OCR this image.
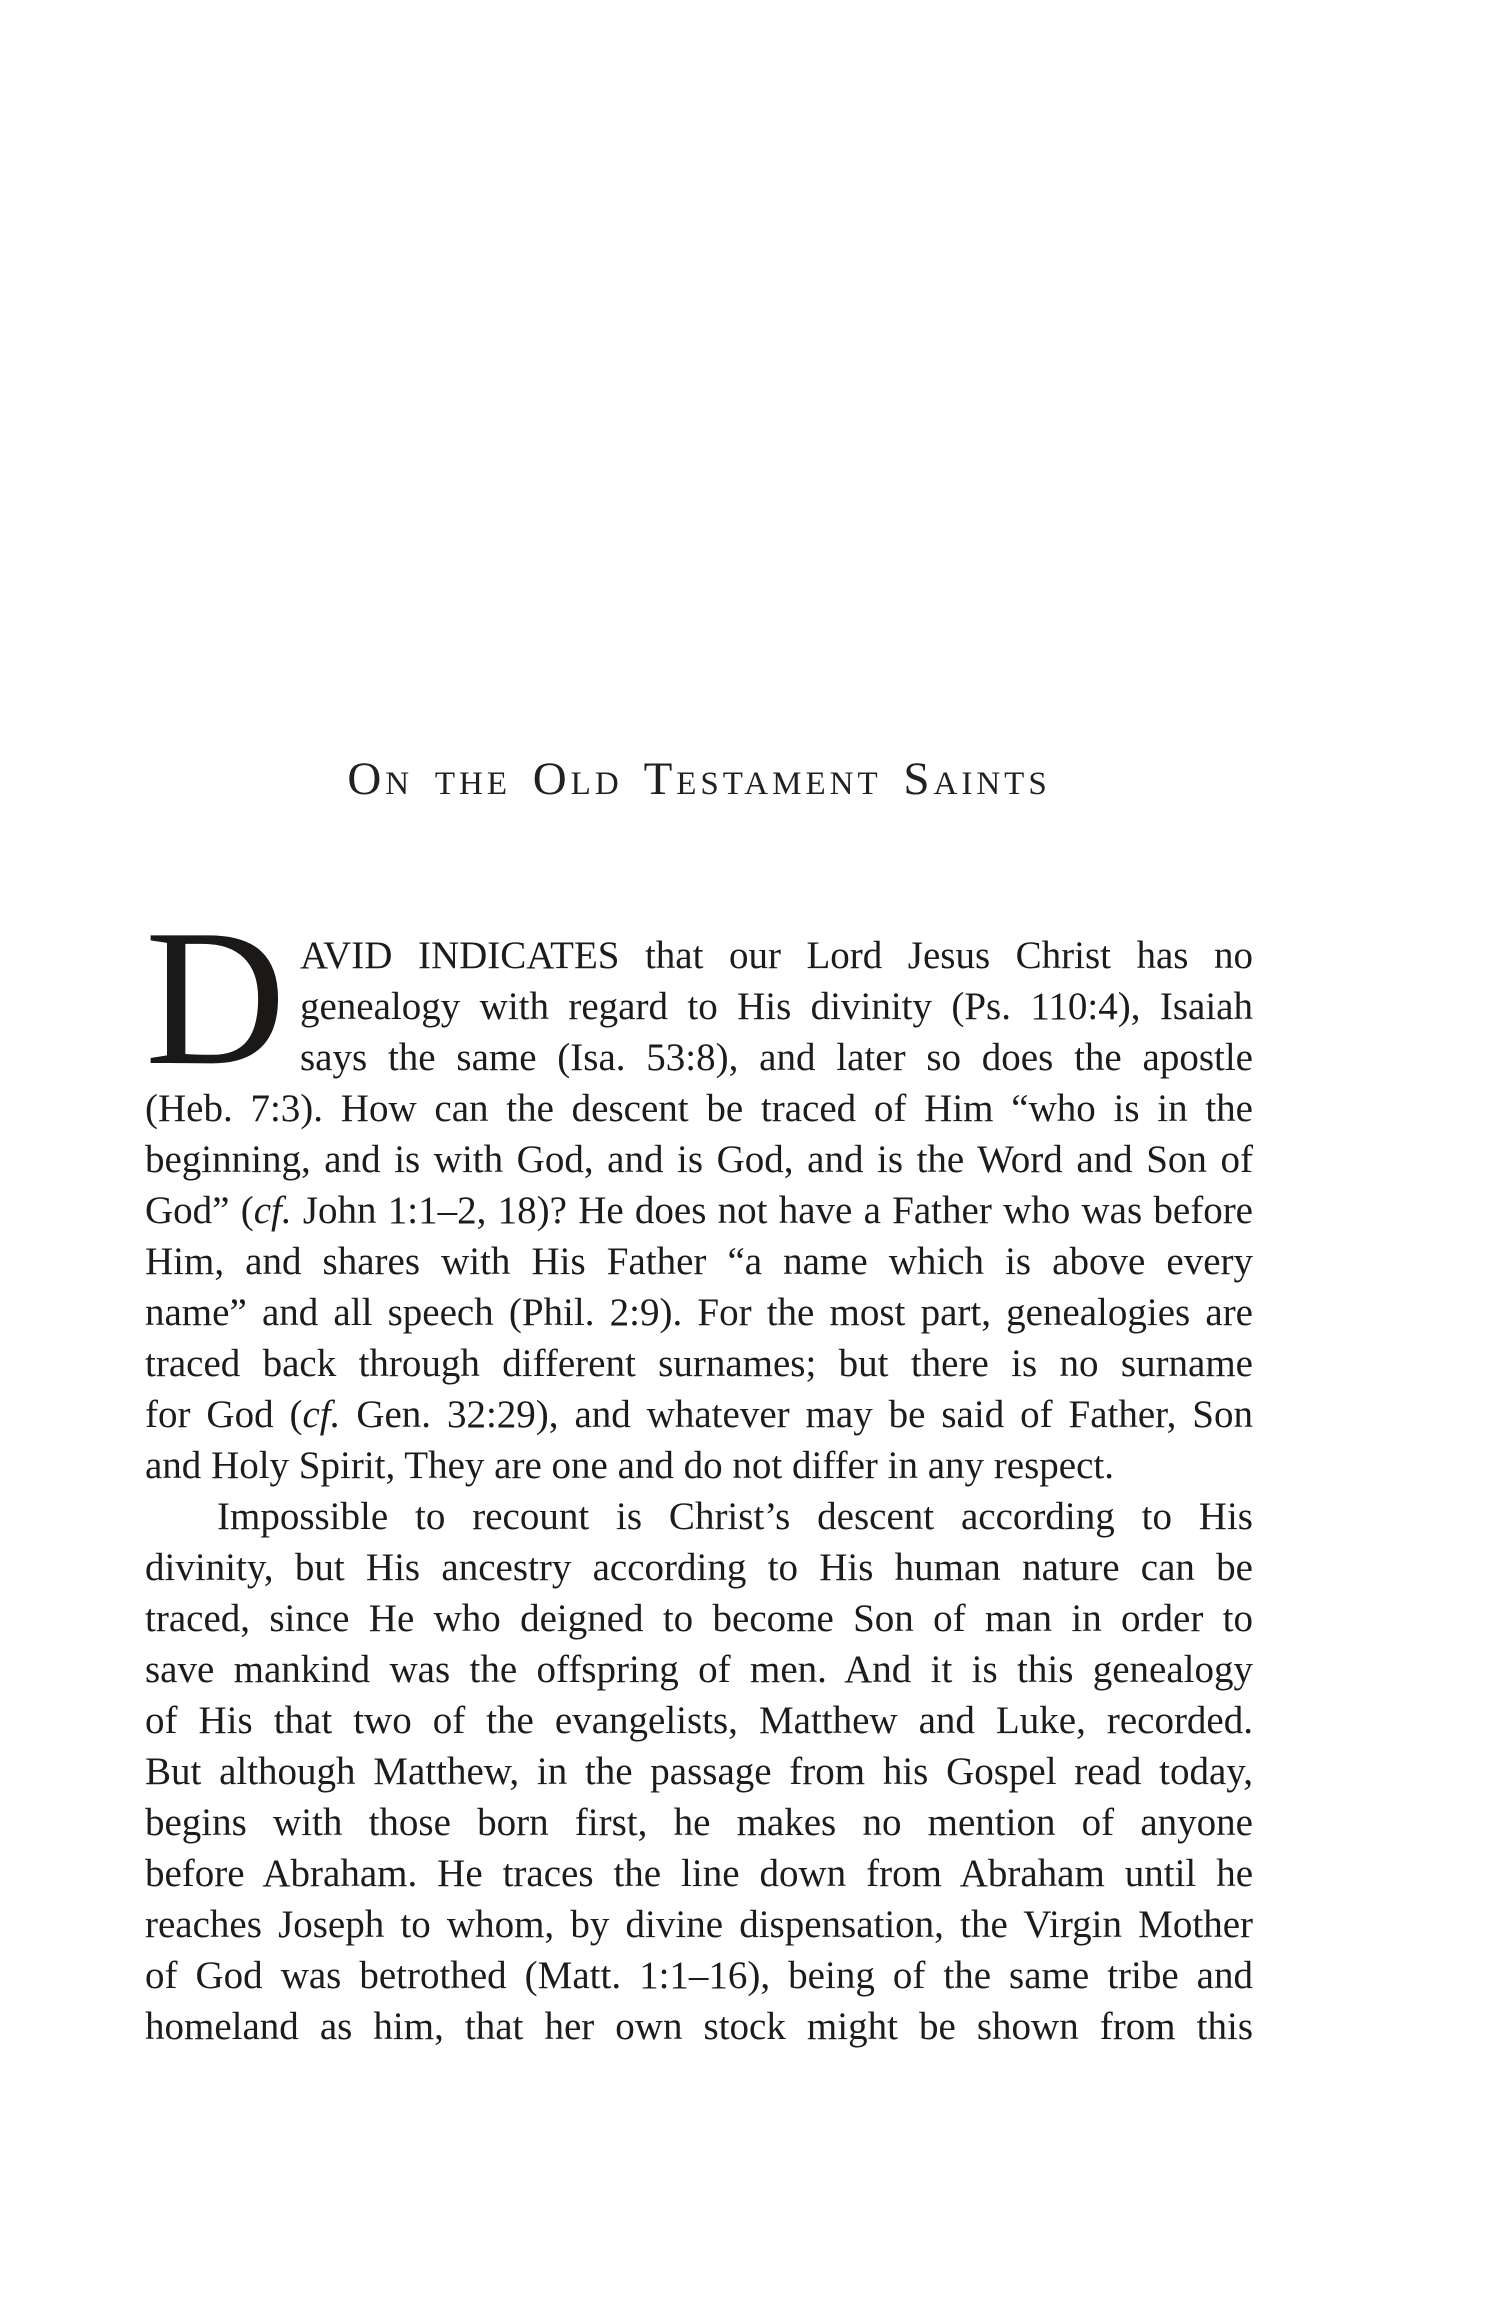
On the Old Testament Saints
D AVID INDICATES that our Lord Jesus Christ has no
genealogy with regard to His divinity (Ps. 110:4), Isaiah
says the same (Isa. 53:8), and later so does the apostle
(Heb. 7:3). How can the descent be traced of Him “who is in the
beginning, and is with God, and is God, and is the Word and Son of
God” (cf. John 1:1–2, 18)? He does not have a Father who was before
Him, and shares with His Father “a name which is above every
name” and all speech (Phil. 2:9). For the most part, genealogies are
traced back through different surnames; but there is no surname
for God (cf. Gen. 32:29), and whatever may be said of Father, Son
and Holy Spirit, They are one and do not differ in any respect.
Impossible to recount is Christ’s descent according to His
divinity, but His ancestry according to His human nature can be
traced, since He who deigned to become Son of man in order to
save mankind was the offspring of men. And it is this genealogy
of His that two of the evangelists, Matthew and Luke, recorded.
But although Matthew, in the passage from his Gospel read today,
begins with those born first, he makes no mention of anyone
before Abraham. He traces the line down from Abraham until he
reaches Joseph to whom, by divine dispensation, the Virgin Mother
of God was betrothed (Matt. 1:1–16), being of the same tribe and
homeland as him, that her own stock might be shown from this
